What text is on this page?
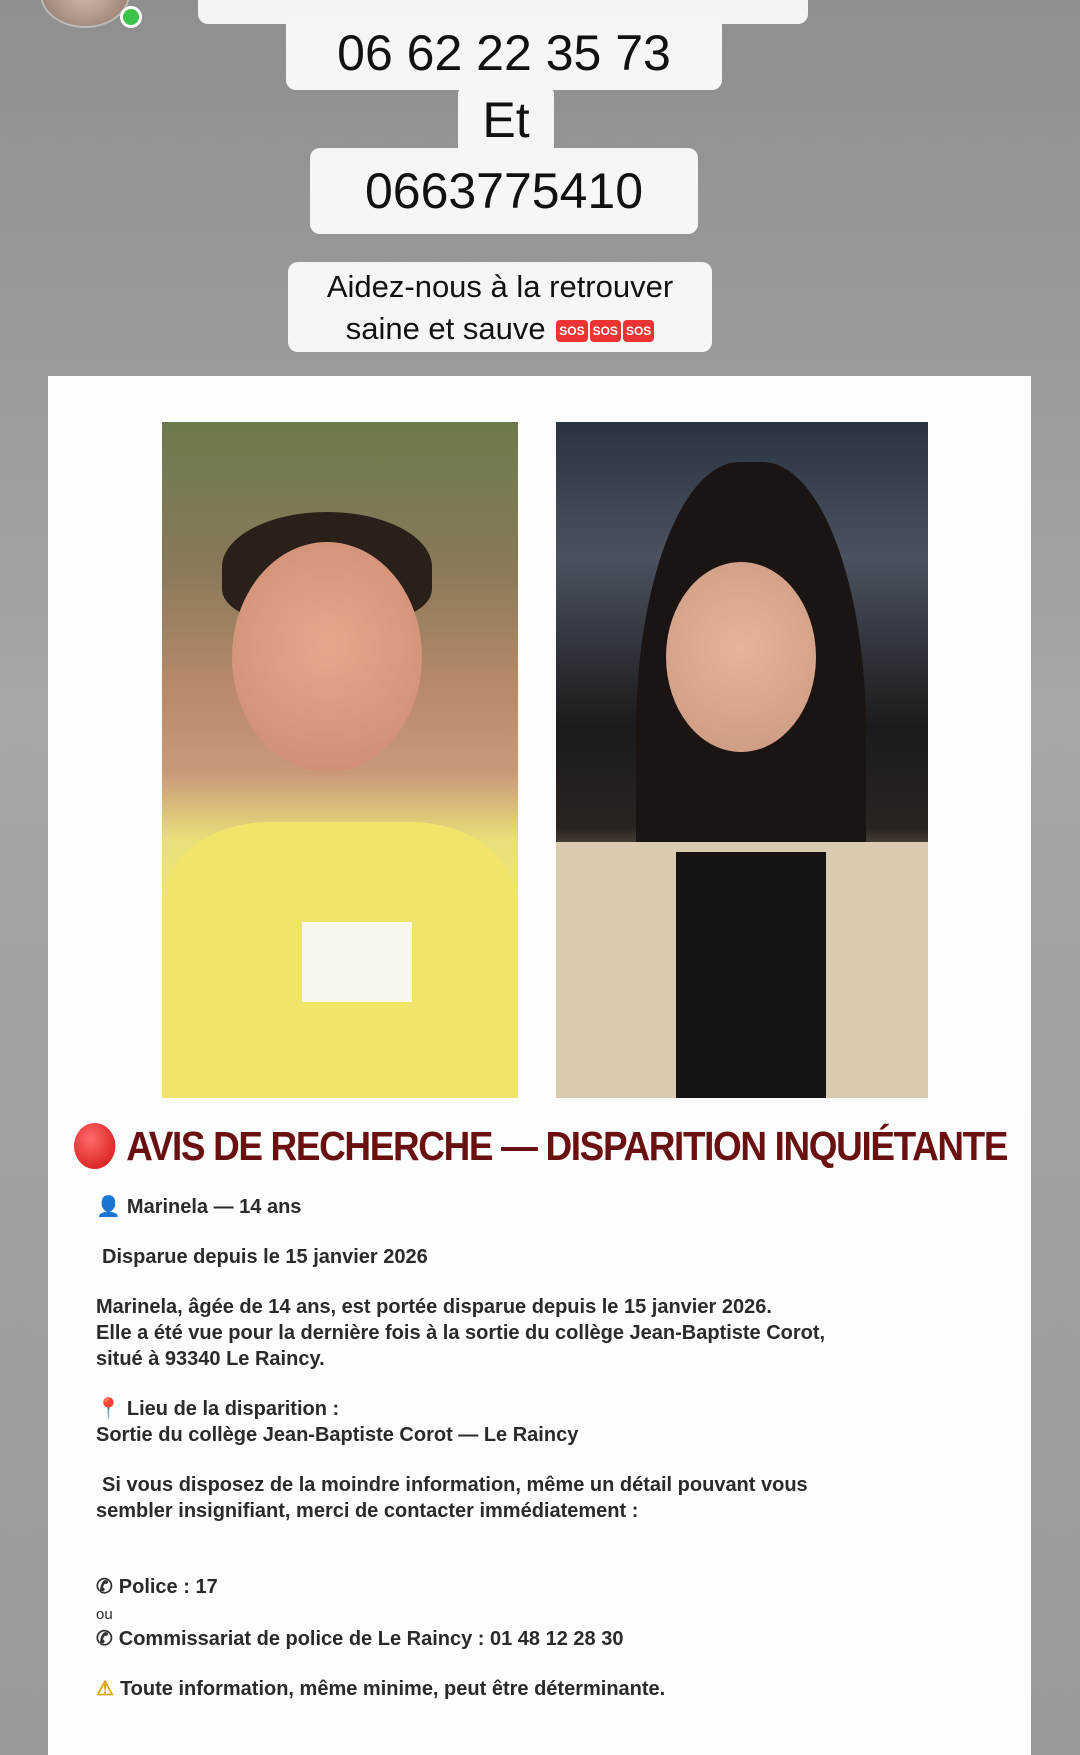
06 62 22 35 73
Et
0663775410
Aidez-nous à la retrouver
saine et sauve SOS SOS SOS
AVIS DE RECHERCHE — DISPARITION INQUIÉTANTE
👤 Marinela — 14 ans
Disparue depuis le 15 janvier 2026
Marinela, âgée de 14 ans, est portée disparue depuis le 15 janvier 2026.
Elle a été vue pour la dernière fois à la sortie du collège Jean-Baptiste Corot,
situé à 93340 Le Raincy.
📍 Lieu de la disparition :
Sortie du collège Jean-Baptiste Corot — Le Raincy
Si vous disposez de la moindre information, même un détail pouvant vous
sembler insignifiant, merci de contacter immédiatement :
✆ Police : 17
ou
✆ Commissariat de police de Le Raincy : 01 48 12 28 30
⚠ Toute information, même minime, peut être déterminante.
